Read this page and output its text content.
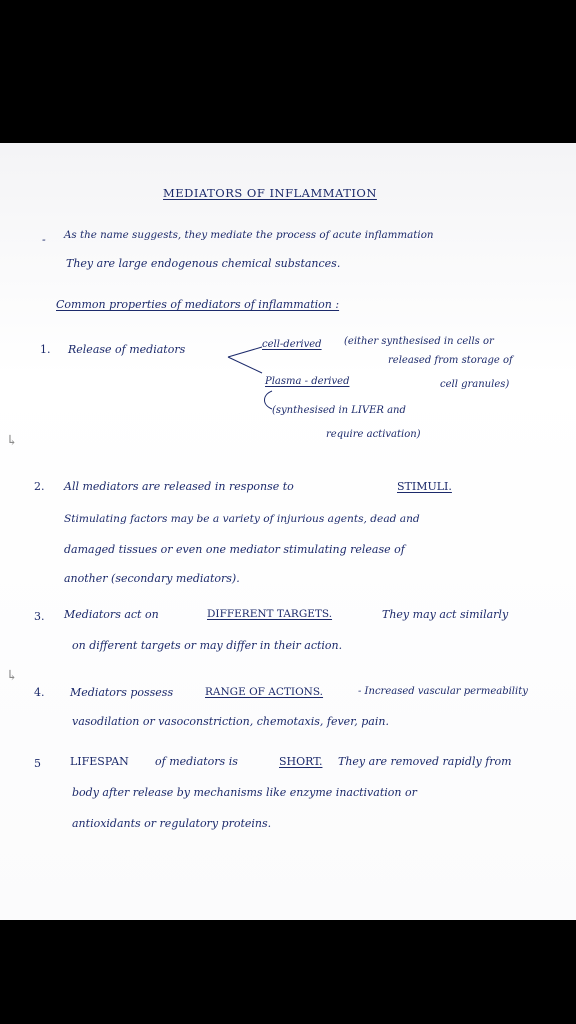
MEDIATORS OF INFLAMMATION
- As the name suggests, they mediate the process of acute inflammation
They are large endogenous chemical substances.
Common properties of mediators of inflammation :
1. Release of mediators	cell-derived (either synthesised in cells or
released from storage of
cell granules)
Plasma - derived
(synthesised in LIVER and
require activation)
↳
2. All mediators are released in response to	STIMULI.
Stimulating factors may be a variety of injurious agents, dead and
damaged tissues or even one mediator stimulating release of
another (secondary mediators).
3. Mediators act on	DIFFERENT TARGETS.	They may act similarly
on different targets or may differ in their action.
↳
4. Mediators possess	RANGE OF ACTIONS.	- Increased vascular permeability
vasodilation or vasoconstriction, chemotaxis, fever, pain.
5	LIFESPAN of mediators is	SHORT. They are removed rapidly from
body after release by mechanisms like enzyme inactivation or
antioxidants or regulatory proteins.
